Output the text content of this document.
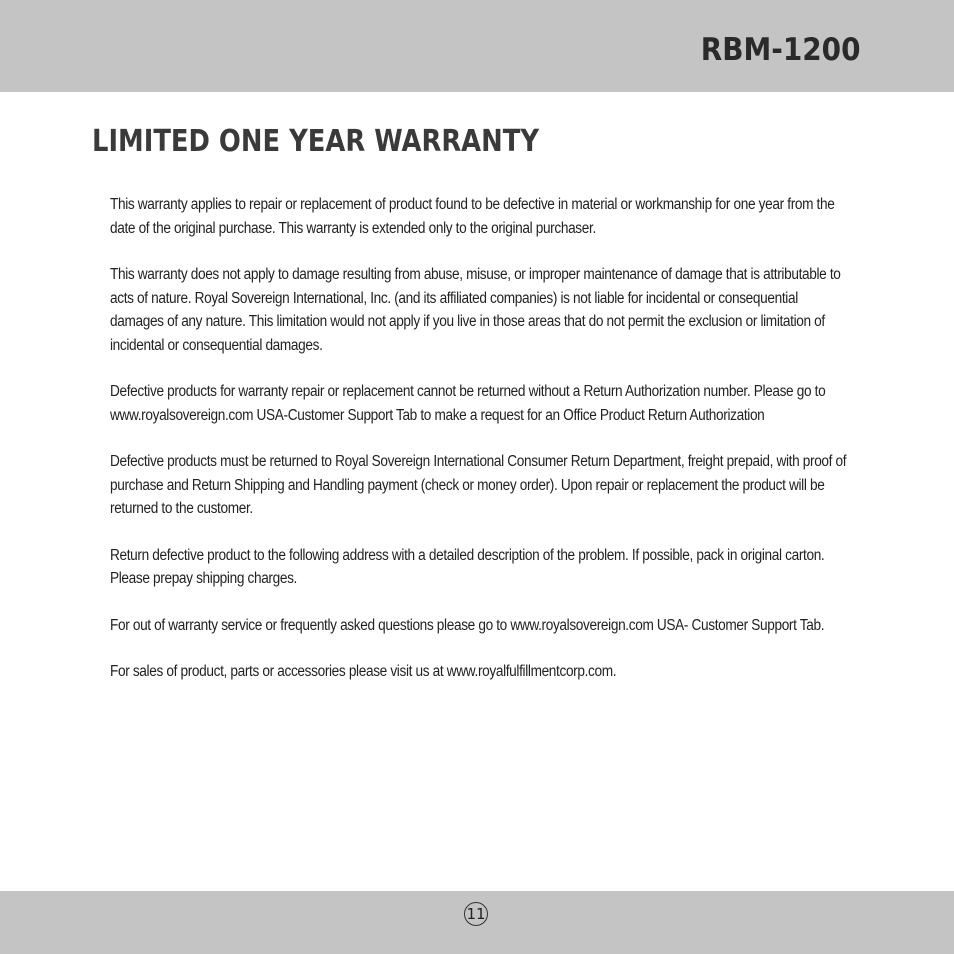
RBM-1200
LIMITED ONE YEAR WARRANTY

This warranty applies to repair or replacement of product found to be defective in material or workmanship for one year from the date of the original purchase. This warranty is extended only to the original purchaser.

This warranty does not apply to damage resulting from abuse, misuse, or improper maintenance of damage that is attributable to acts of nature. Royal Sovereign International, Inc. (and its affiliated companies) is not liable for incidental or consequential damages of any nature. This limitation would not apply if you live in those areas that do not permit the exclusion or limitation of incidental or consequential damages.

Defective products for warranty repair or replacement cannot be returned without a Return Authorization number. Please go to www.royalsovereign.com USA-Customer Support Tab to make a request for an Office Product Return Authorization

Defective products must be returned to Royal Sovereign International Consumer Return Department, freight prepaid, with proof of purchase and Return Shipping and Handling payment (check or money order). Upon repair or replacement the product will be returned to the customer.

Return defective product to the following address with a detailed description of the problem. If possible, pack in original carton. Please prepay shipping charges.

For out of warranty service or frequently asked questions please go to www.royalsovereign.com USA- Customer Support Tab.

For sales of product, parts or accessories please visit us at www.royalfulfillmentcorp.com.

11
